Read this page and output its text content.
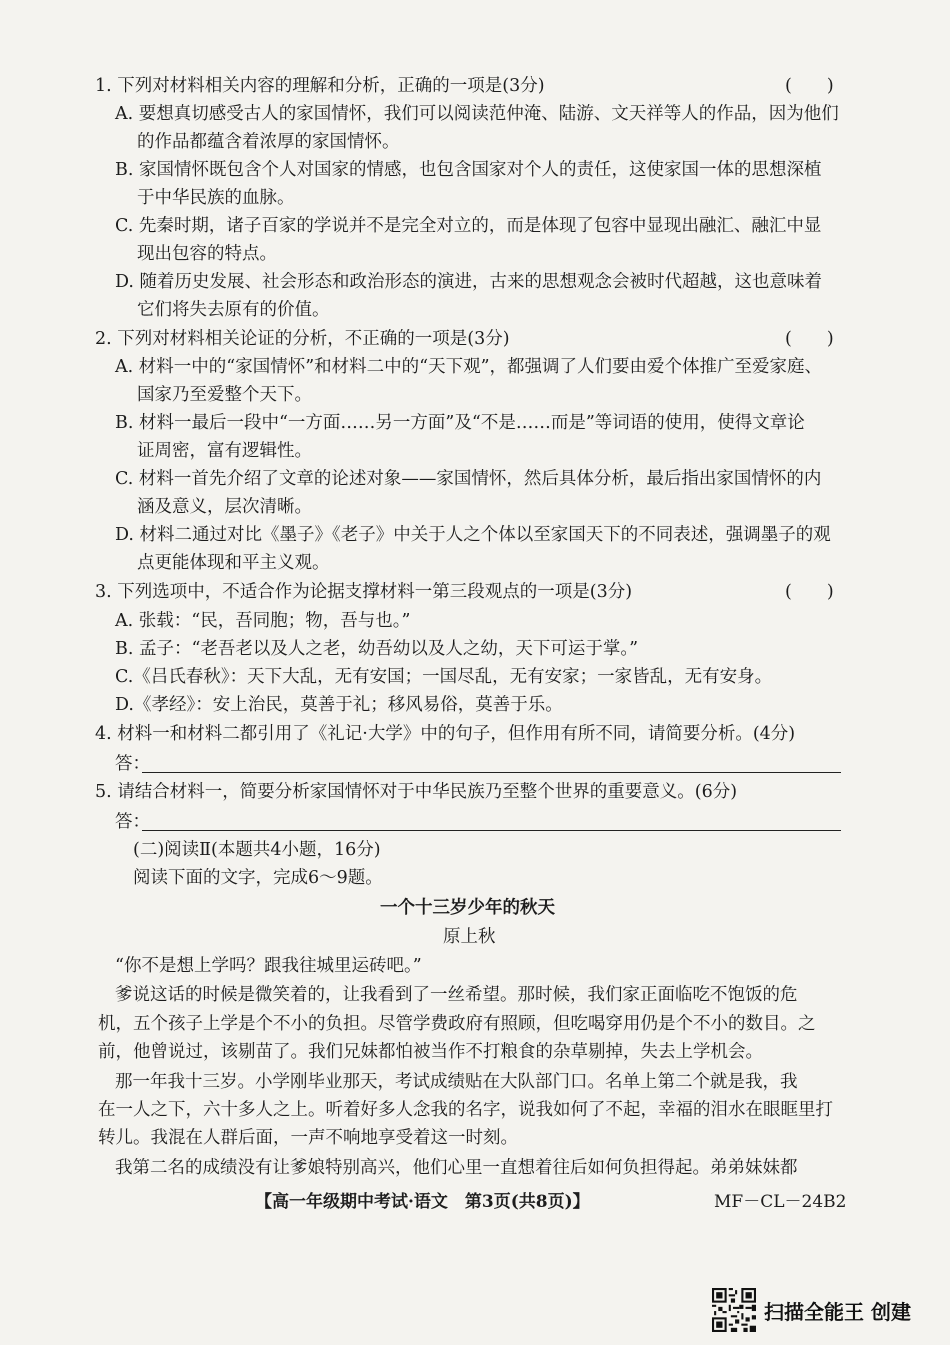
1. 下列对材料相关内容的理解和分析，正确的一项是(3分)	(　　)
A. 要想真切感受古人的家国情怀，我们可以阅读范仲淹、陆游、文天祥等人的作品，因为他们
的作品都蕴含着浓厚的家国情怀。
B. 家国情怀既包含个人对国家的情感，也包含国家对个人的责任，这使家国一体的思想深植
于中华民族的血脉。
C. 先秦时期，诸子百家的学说并不是完全对立的，而是体现了包容中显现出融汇、融汇中显
现出包容的特点。
D. 随着历史发展、社会形态和政治形态的演进，古来的思想观念会被时代超越，这也意味着
它们将失去原有的价值。
2. 下列对材料相关论证的分析，不正确的一项是(3分)	(　　)
A. 材料一中的“家国情怀”和材料二中的“天下观”，都强调了人们要由爱个体推广至爱家庭、
国家乃至爱整个天下。
B. 材料一最后一段中“一方面……另一方面”及“不是……而是”等词语的使用，使得文章论
证周密，富有逻辑性。
C. 材料一首先介绍了文章的论述对象——家国情怀，然后具体分析，最后指出家国情怀的内
涵及意义，层次清晰。
D. 材料二通过对比《墨子》《老子》中关于人之个体以至家国天下的不同表述，强调墨子的观
点更能体现和平主义观。
3. 下列选项中，不适合作为论据支撑材料一第三段观点的一项是(3分)	(　　)
A. 张载：“民，吾同胞；物，吾与也。”
B. 孟子：“老吾老以及人之老，幼吾幼以及人之幼，天下可运于掌。”
C.《吕氏春秋》：天下大乱，无有安国；一国尽乱，无有安家；一家皆乱，无有安身。
D.《孝经》：安上治民，莫善于礼；移风易俗，莫善于乐。
4. 材料一和材料二都引用了《礼记·大学》中的句子，但作用有所不同，请简要分析。(4分)
答：
5. 请结合材料一，简要分析家国情怀对于中华民族乃至整个世界的重要意义。(6分)
答：
(二)阅读Ⅱ(本题共4小题，16分)
阅读下面的文字，完成6～9题。
一个十三岁少年的秋天
原上秋
“你不是想上学吗？跟我往城里运砖吧。”
爹说这话的时候是微笑着的，让我看到了一丝希望。那时候，我们家正面临吃不饱饭的危
机，五个孩子上学是个不小的负担。尽管学费政府有照顾，但吃喝穿用仍是个不小的数目。之
前，他曾说过，该剔苗了。我们兄妹都怕被当作不打粮食的杂草剔掉，失去上学机会。
那一年我十三岁。小学刚毕业那天，考试成绩贴在大队部门口。名单上第二个就是我，我
在一人之下，六十多人之上。听着好多人念我的名字，说我如何了不起，幸福的泪水在眼眶里打
转儿。我混在人群后面，一声不响地享受着这一时刻。
我第二名的成绩没有让爹娘特别高兴，他们心里一直想着往后如何负担得起。弟弟妹妹都
【高一年级期中考试·语文　第3页(共8页)】	MF－CL－24B2
扫描全能王 创建
